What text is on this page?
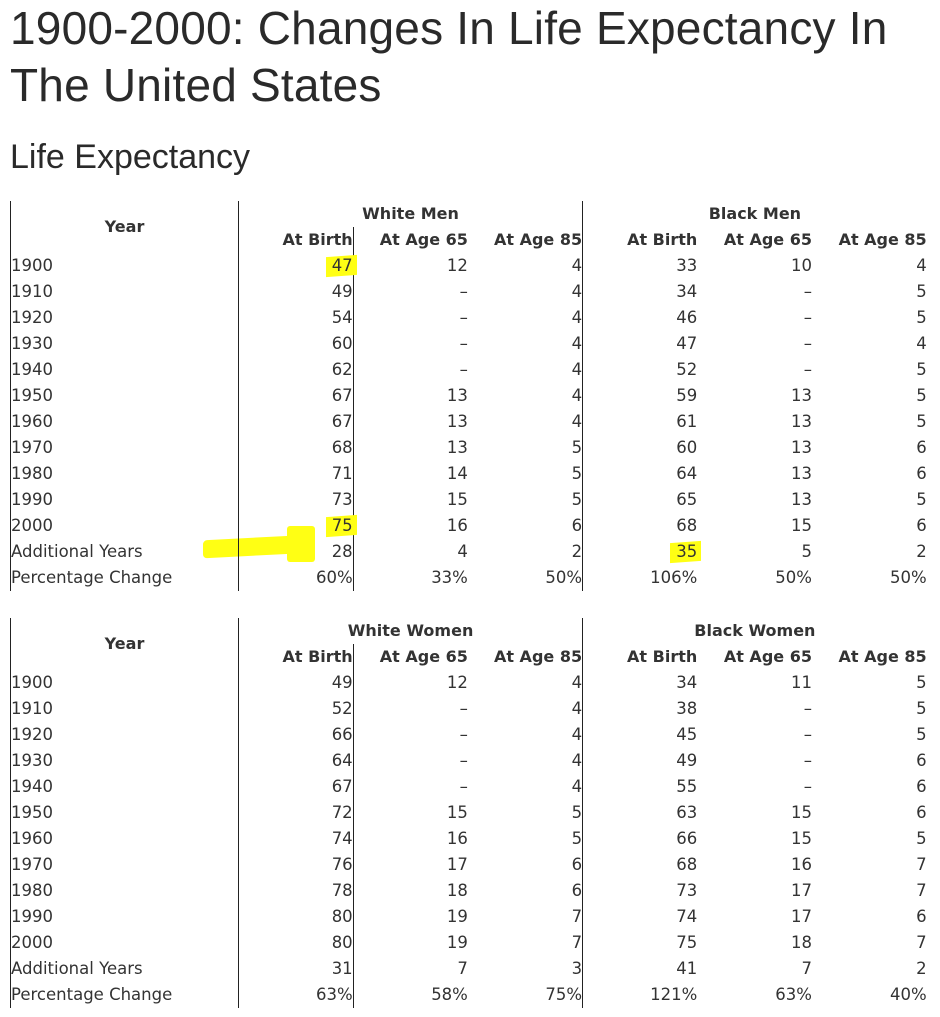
1900-2000: Changes In Life Expectancy In The United States
Life Expectancy
Year	White Men			Black Men		
	At Birth	At Age 65	At Age 85	At Birth	At Age 65	At Age 85
1900	47	12	4	33	10	4
1910	49	–	4	34	–	5
1920	54	–	4	46	–	5
1930	60	–	4	47	–	4
1940	62	–	4	52	–	5
1950	67	13	4	59	13	5
1960	67	13	4	61	13	5
1970	68	13	5	60	13	6
1980	71	14	5	64	13	6
1990	73	15	5	65	13	5
2000	75	16	6	68	15	6
Additional Years	28	4	2	35	5	2
Percentage Change	60%	33%	50%	106%	50%	50%
Year	White Women			Black Women		
	At Birth	At Age 65	At Age 85	At Birth	At Age 65	At Age 85
1900	49	12	4	34	11	5
1910	52	–	4	38	–	5
1920	66	–	4	45	–	5
1930	64	–	4	49	–	6
1940	67	–	4	55	–	6
1950	72	15	5	63	15	6
1960	74	16	5	66	15	5
1970	76	17	6	68	16	7
1980	78	18	6	73	17	7
1990	80	19	7	74	17	6
2000	80	19	7	75	18	7
Additional Years	31	7	3	41	7	2
Percentage Change	63%	58%	75%	121%	63%	40%
